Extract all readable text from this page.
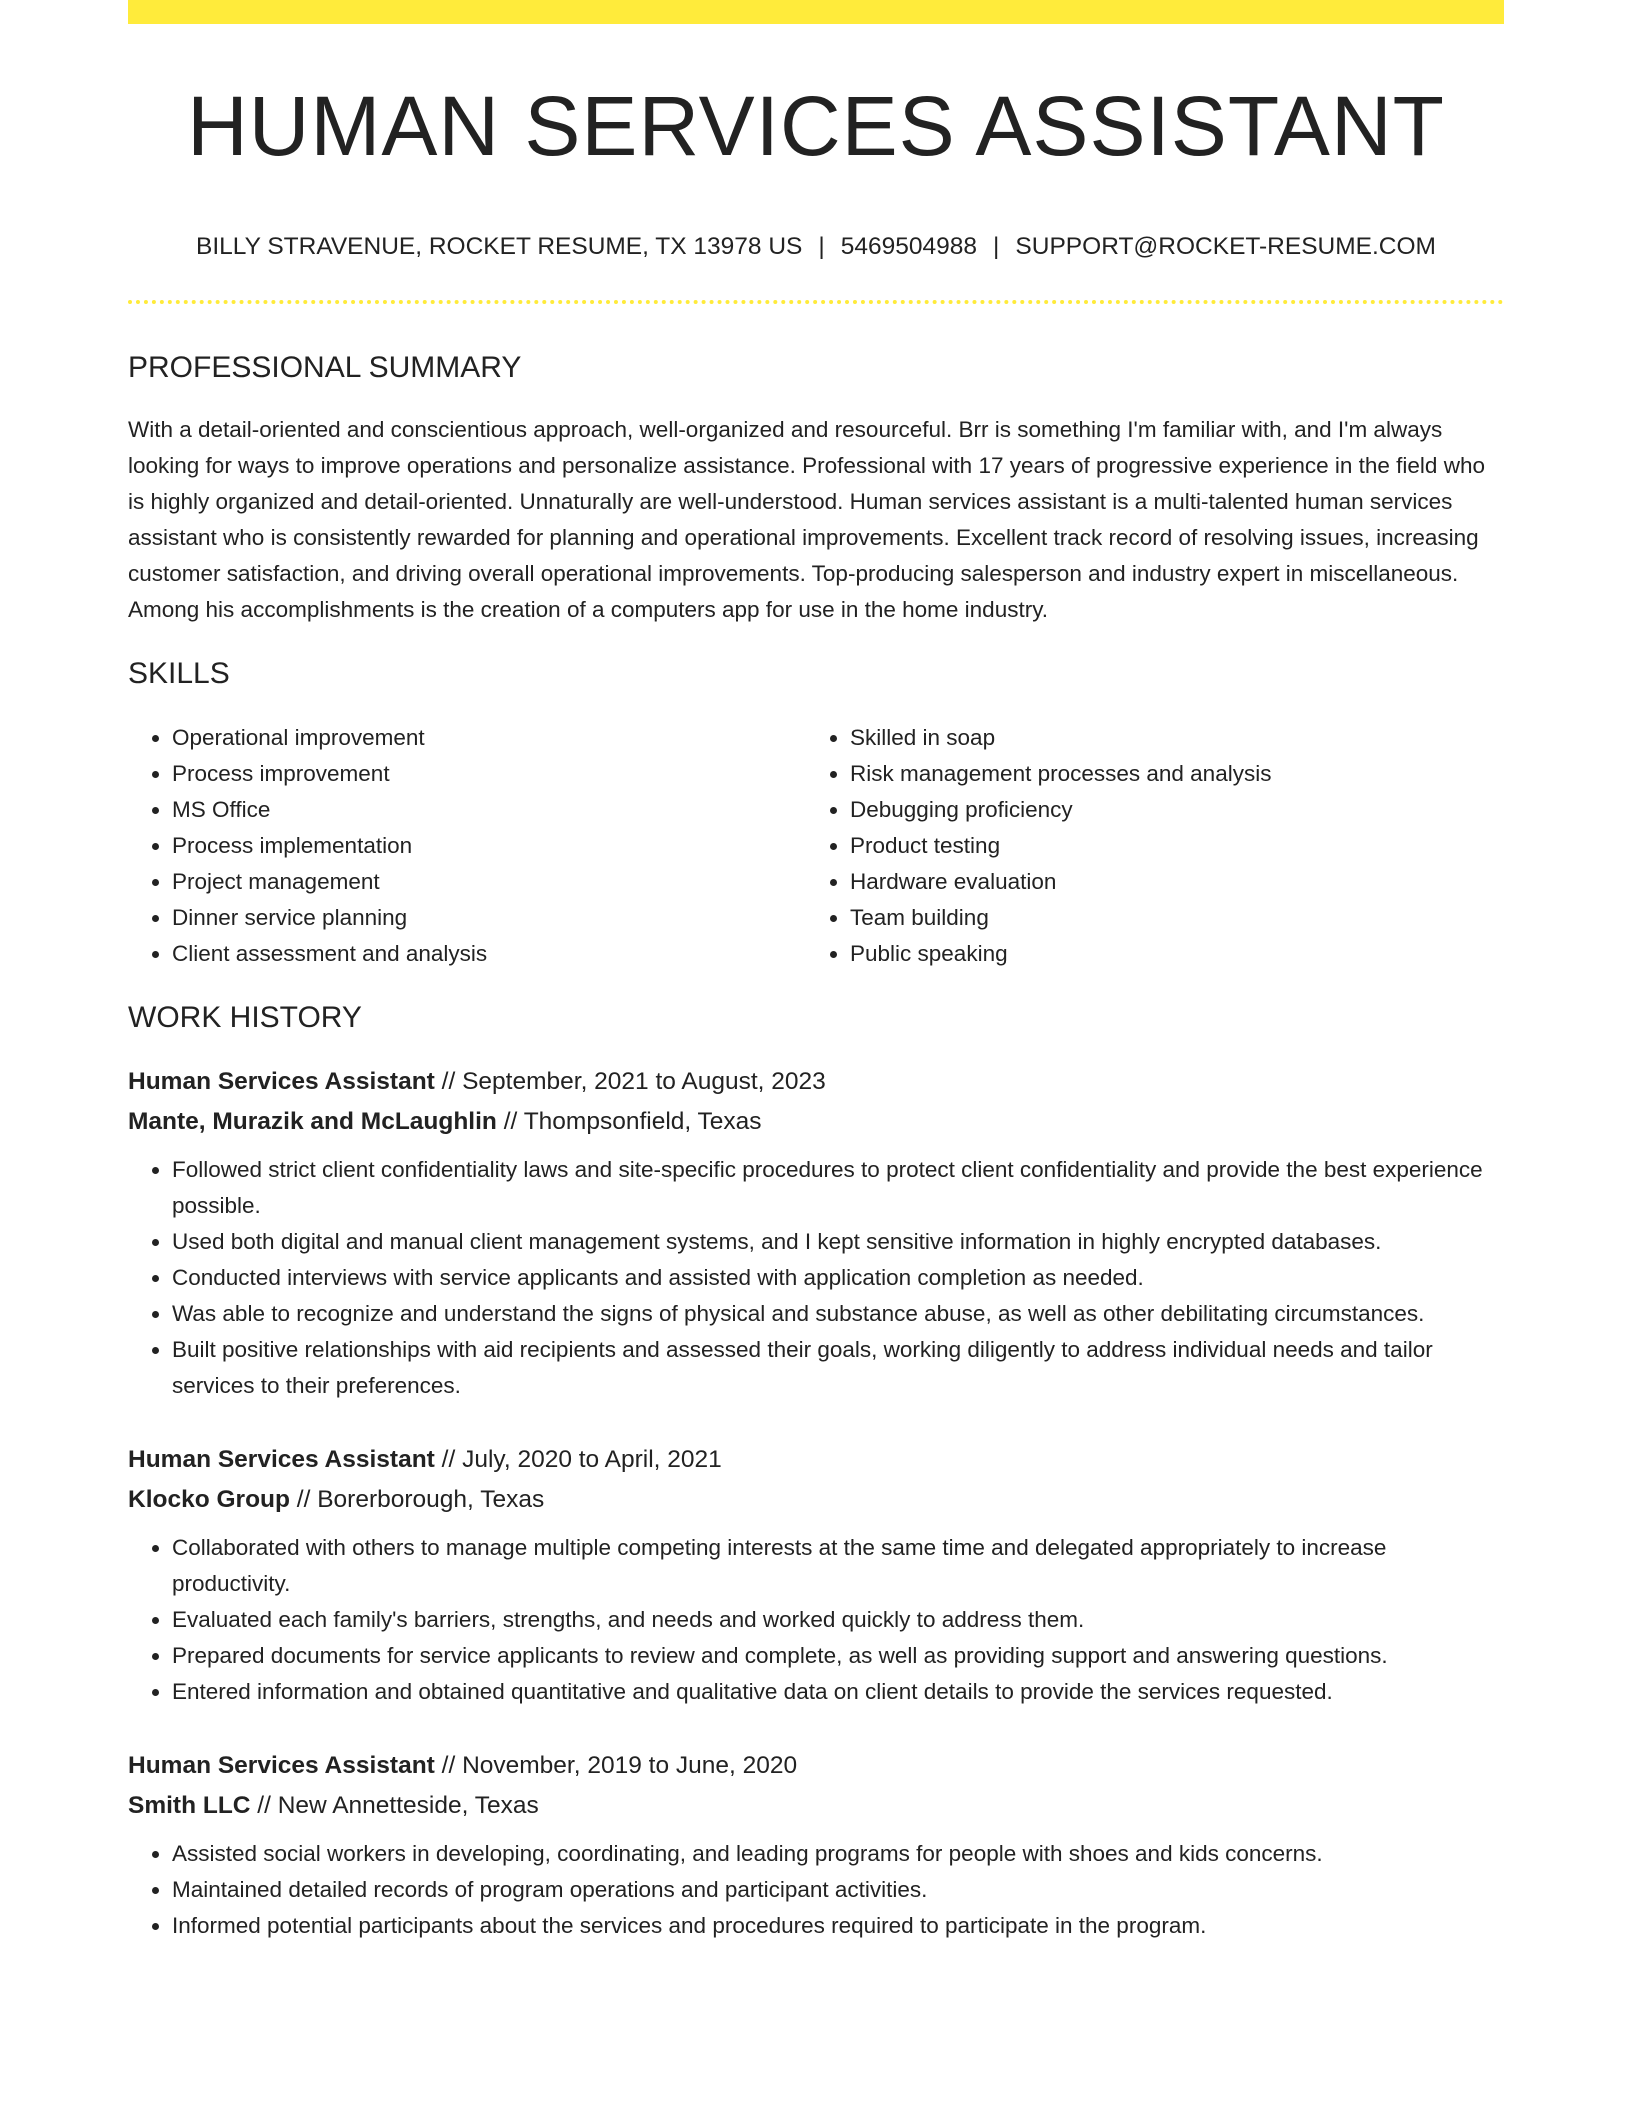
HUMAN SERVICES ASSISTANT
BILLY STRAVENUE, ROCKET RESUME, TX 13978 US | 5469504988 | SUPPORT@ROCKET-RESUME.COM
PROFESSIONAL SUMMARY

With a detail-oriented and conscientious approach, well-organized and resourceful. Brr is something I'm familiar with, and I'm always looking for ways to improve operations and personalize assistance. Professional with 17 years of progressive experience in the field who is highly organized and detail-oriented. Unnaturally are well-understood. Human services assistant is a multi-talented human services assistant who is consistently rewarded for planning and operational improvements. Excellent track record of resolving issues, increasing customer satisfaction, and driving overall operational improvements. Top-producing salesperson and industry expert in miscellaneous. Among his accomplishments is the creation of a computers app for use in the home industry.

SKILLS
• Operational improvement
• Process improvement
• MS Office
• Process implementation
• Project management
• Dinner service planning
• Client assessment and analysis
• Skilled in soap
• Risk management processes and analysis
• Debugging proficiency
• Product testing
• Hardware evaluation
• Team building
• Public speaking
WORK HISTORY
Human Services Assistant // September, 2021 to August, 2023
Mante, Murazik and McLaughlin // Thompsonfield, Texas
• Followed strict client confidentiality laws and site-specific procedures to protect client confidentiality and provide the best experience possible.
• Used both digital and manual client management systems, and I kept sensitive information in highly encrypted databases.
• Conducted interviews with service applicants and assisted with application completion as needed.
• Was able to recognize and understand the signs of physical and substance abuse, as well as other debilitating circumstances.
• Built positive relationships with aid recipients and assessed their goals, working diligently to address individual needs and tailor services to their preferences.
Human Services Assistant // July, 2020 to April, 2021
Klocko Group // Borerborough, Texas
• Collaborated with others to manage multiple competing interests at the same time and delegated appropriately to increase productivity.
• Evaluated each family's barriers, strengths, and needs and worked quickly to address them.
• Prepared documents for service applicants to review and complete, as well as providing support and answering questions.
• Entered information and obtained quantitative and qualitative data on client details to provide the services requested.
Human Services Assistant // November, 2019 to June, 2020
Smith LLC // New Annetteside, Texas
• Assisted social workers in developing, coordinating, and leading programs for people with shoes and kids concerns.
• Maintained detailed records of program operations and participant activities.
• Informed potential participants about the services and procedures required to participate in the program.
